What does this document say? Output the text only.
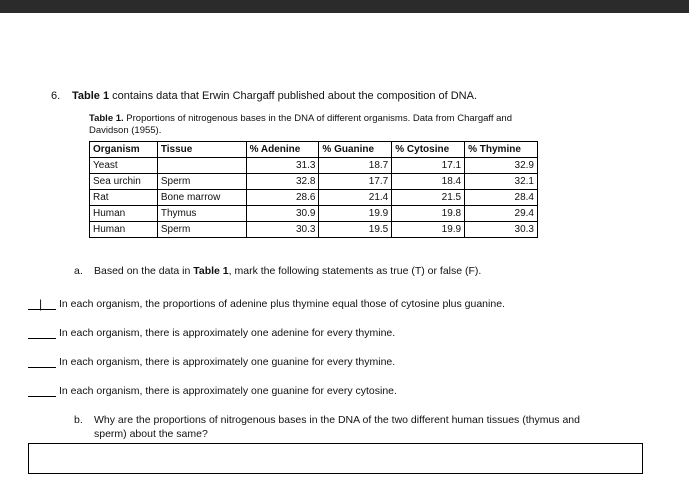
6. Table 1 contains data that Erwin Chargaff published about the composition of DNA.
Table 1. Proportions of nitrogenous bases in the DNA of different organisms. Data from Chargaff and Davidson (1955).
Organism	Tissue	% Adenine	% Guanine	% Cytosine	% Thymine
Yeast		31.3	18.7	17.1	32.9
Sea urchin	Sperm	32.8	17.7	18.4	32.1
Rat	Bone marrow	28.6	21.4	21.5	28.4
Human	Thymus	30.9	19.9	19.8	29.4
Human	Sperm	30.3	19.5	19.9	30.3
a. Based on the data in Table 1, mark the following statements as true (T) or false (F).
| In each organism, the proportions of adenine plus thymine equal those of cytosine plus guanine.
In each organism, there is approximately one adenine for every thymine.
In each organism, there is approximately one guanine for every thymine.
In each organism, there is approximately one guanine for every cytosine.
b. Why are the proportions of nitrogenous bases in the DNA of the two different human tissues (thymus and sperm) about the same?
